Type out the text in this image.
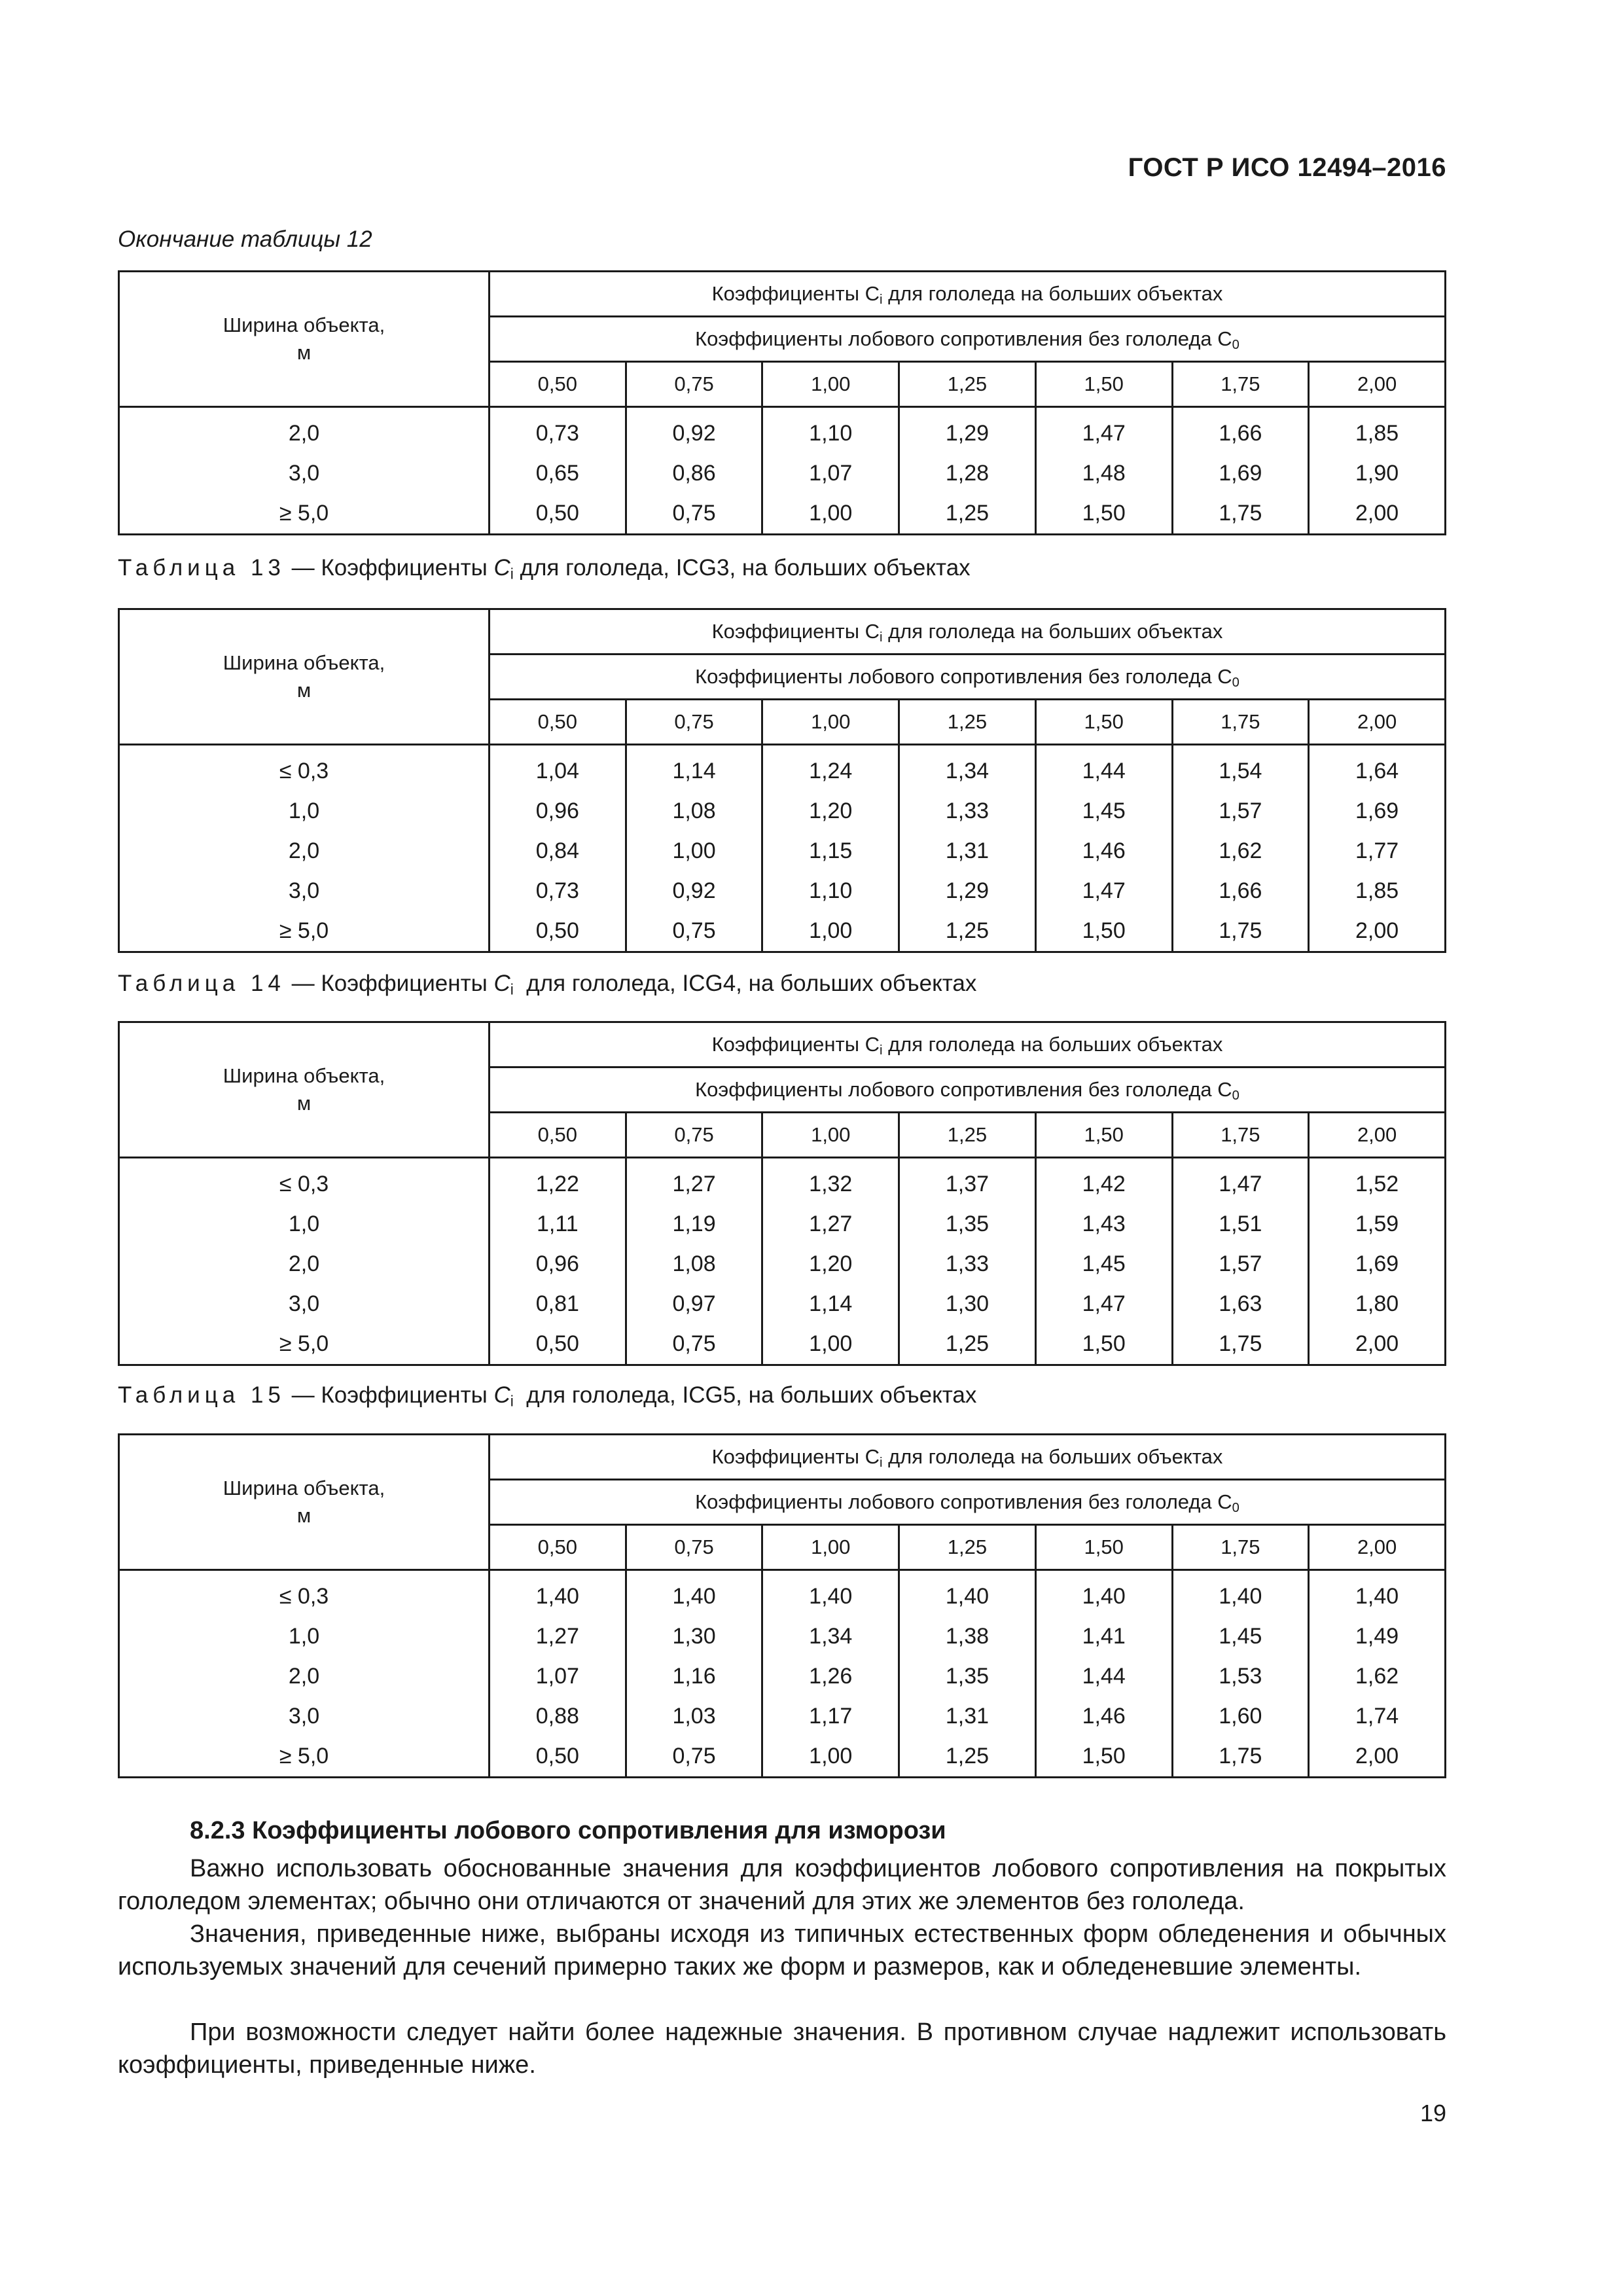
ГОСТ Р ИСО 12494–2016
Окончание таблицы 12
Ширина объекта,
м	Коэффициенты $C_i$ для гололеда на больших объектах						
	Коэффициенты лобового сопротивления без гололеда $C_0$
	0,50	0,75	1,00	1,25	1,50	1,75	2,00

2,0	0,73	0,92	1,10	1,29	1,47	1,66	1,85
3,0	0,65	0,86	1,07	1,28	1,48	1,69	1,90
≥ 5,0	0,50	0,75	1,00	1,25	1,50	1,75	2,00
Таблица 13 — Коэффициенты $C_i$ для гололеда, ICG3, на больших объектах
Ширина объекта,
м	Коэффициенты $C_i$ для гололеда на больших объектах						
	Коэффициенты лобового сопротивления без гололеда $C_0$
	0,50	0,75	1,00	1,25	1,50	1,75	2,00

≤ 0,3	1,04	1,14	1,24	1,34	1,44	1,54	1,64
1,0	0,96	1,08	1,20	1,33	1,45	1,57	1,69
2,0	0,84	1,00	1,15	1,31	1,46	1,62	1,77
3,0	0,73	0,92	1,10	1,29	1,47	1,66	1,85
≥ 5,0	0,50	0,75	1,00	1,25	1,50	1,75	2,00
Таблица 14 — Коэффициенты $C_i$  для гололеда, ICG4, на больших объектах
Ширина объекта,
м	Коэффициенты $C_i$ для гололеда на больших объектах						
	Коэффициенты лобового сопротивления без гололеда $C_0$
	0,50	0,75	1,00	1,25	1,50	1,75	2,00

≤ 0,3	1,22	1,27	1,32	1,37	1,42	1,47	1,52
1,0	1,11	1,19	1,27	1,35	1,43	1,51	1,59
2,0	0,96	1,08	1,20	1,33	1,45	1,57	1,69
3,0	0,81	0,97	1,14	1,30	1,47	1,63	1,80
≥ 5,0	0,50	0,75	1,00	1,25	1,50	1,75	2,00
Таблица 15 — Коэффициенты $C_i$  для гололеда, ICG5, на больших объектах
Ширина объекта,
м	Коэффициенты $C_i$ для гололеда на больших объектах						
	Коэффициенты лобового сопротивления без гололеда $C_0$
	0,50	0,75	1,00	1,25	1,50	1,75	2,00

≤ 0,3	1,40	1,40	1,40	1,40	1,40	1,40	1,40
1,0	1,27	1,30	1,34	1,38	1,41	1,45	1,49
2,0	1,07	1,16	1,26	1,35	1,44	1,53	1,62
3,0	0,88	1,03	1,17	1,31	1,46	1,60	1,74
≥ 5,0	0,50	0,75	1,00	1,25	1,50	1,75	2,00
8.2.3 Коэффициенты лобового сопротивления для изморози

Важно использовать обоснованные значения для коэффициентов лобового сопротивления на покрытых гололедом элементах; обычно они отличаются от значений для этих же элементов без гололеда.

Значения, приведенные ниже, выбраны исходя из типичных естественных форм обледенения и обычных используемых значений для сечений примерно таких же форм и размеров, как и обледеневшие элементы.

При возможности следует найти более надежные значения. В противном случае надлежит использовать коэффициенты, приведенные ниже.

19
